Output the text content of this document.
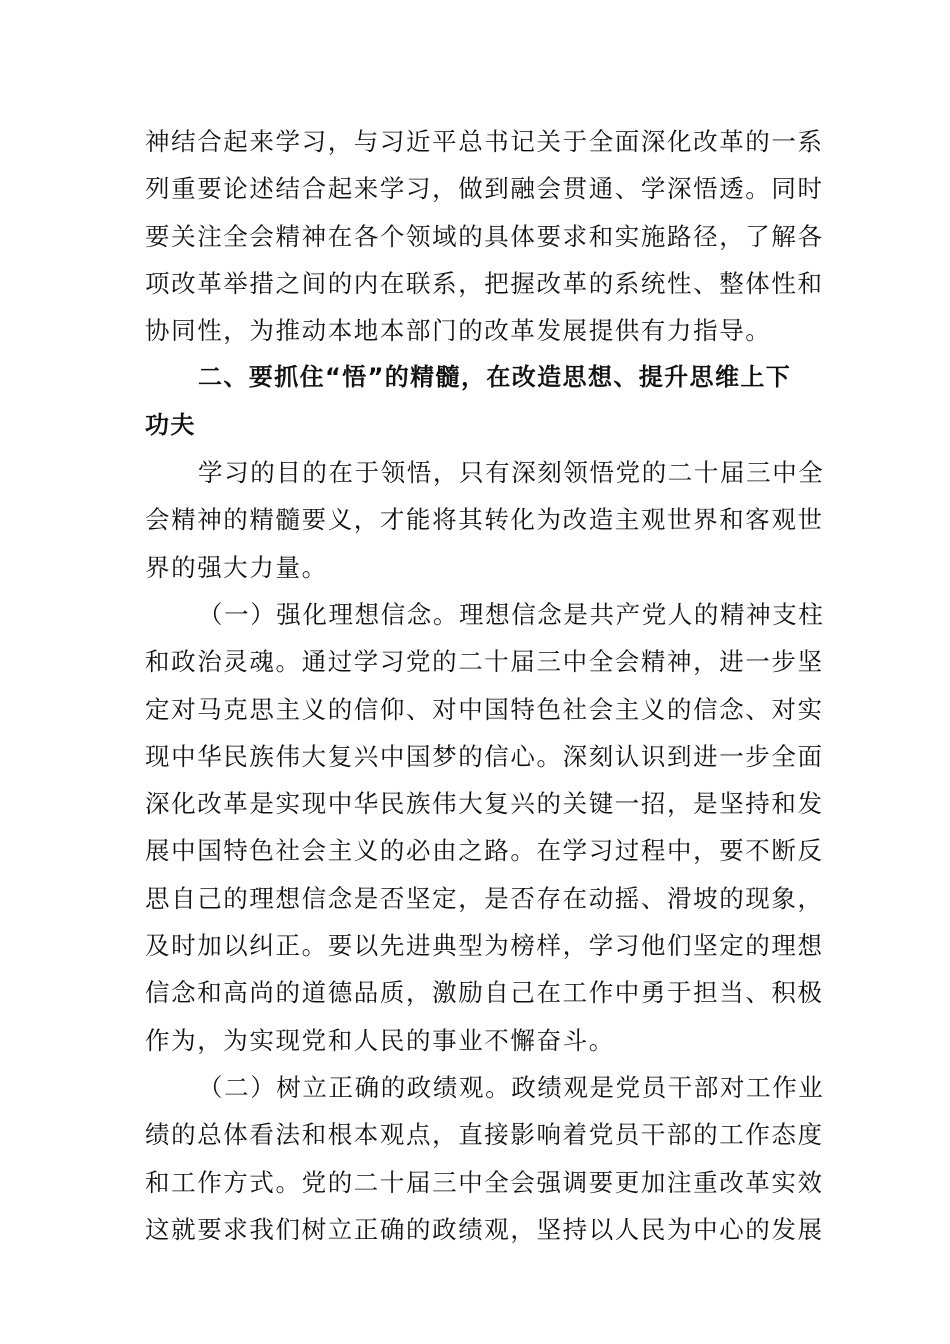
神结合起来学习，与习近平总书记关于全面深化改革的一系
列重要论述结合起来学习，做到融会贯通、学深悟透。同时
要关注全会精神在各个领域的具体要求和实施路径，了解各
项改革举措之间的内在联系，把握改革的系统性、整体性和
协同性，为推动本地本部门的改革发展提供有力指导。
二、要抓住“悟”的精髓，在改造思想、提升思维上下
功夫
学习的目的在于领悟，只有深刻领悟党的二十届三中全
会精神的精髓要义，才能将其转化为改造主观世界和客观世
界的强大力量。
（一）强化理想信念。理想信念是共产党人的精神支柱
和政治灵魂。通过学习党的二十届三中全会精神，进一步坚
定对马克思主义的信仰、对中国特色社会主义的信念、对实
现中华民族伟大复兴中国梦的信心。深刻认识到进一步全面
深化改革是实现中华民族伟大复兴的关键一招，是坚持和发
展中国特色社会主义的必由之路。在学习过程中，要不断反
思自己的理想信念是否坚定，是否存在动摇、滑坡的现象，
及时加以纠正。要以先进典型为榜样，学习他们坚定的理想
信念和高尚的道德品质，激励自己在工作中勇于担当、积极
作为，为实现党和人民的事业不懈奋斗。
（二）树立正确的政绩观。政绩观是党员干部对工作业
绩的总体看法和根本观点，直接影响着党员干部的工作态度
和工作方式。党的二十届三中全会强调要更加注重改革实效
这就要求我们树立正确的政绩观，坚持以人民为中心的发展
